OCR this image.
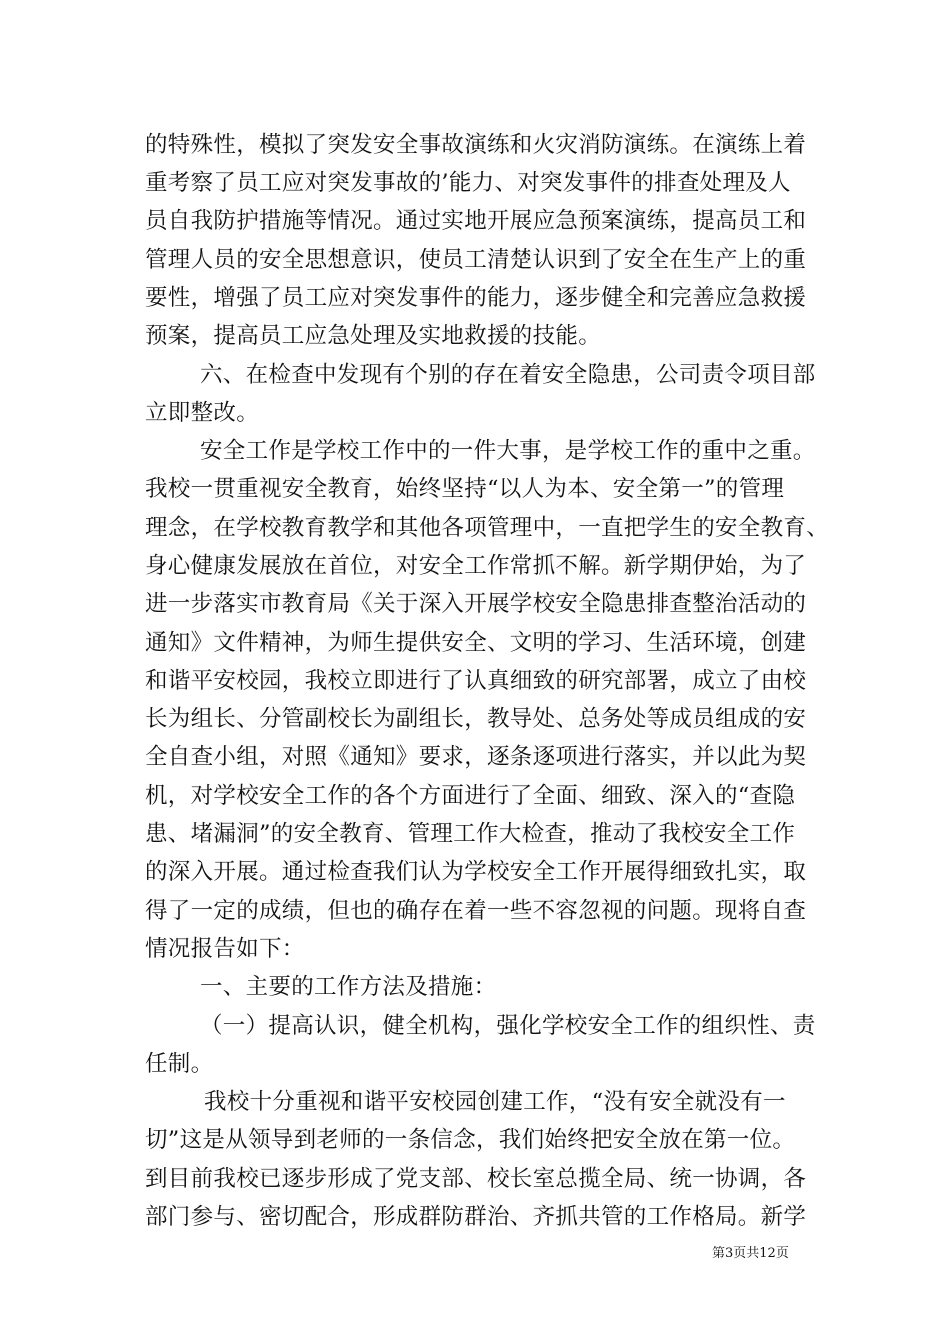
的特殊性，模拟了突发安全事故演练和火灾消防演练。在演练上着
重考察了员工应对突发事故的’能力、对突发事件的排查处理及人
员自我防护措施等情况。通过实地开展应急预案演练，提高员工和
管理人员的安全思想意识，使员工清楚认识到了安全在生产上的重
要性，增强了员工应对突发事件的能力，逐步健全和完善应急救援
预案，提高员工应急处理及实地救援的技能。
六、在检查中发现有个别的存在着安全隐患，公司责令项目部
立即整改。
安全工作是学校工作中的一件大事，是学校工作的重中之重。
我校一贯重视安全教育，始终坚持“以人为本、安全第一”的管理
理念，在学校教育教学和其他各项管理中，一直把学生的安全教育、
身心健康发展放在首位，对安全工作常抓不解。新学期伊始，为了
进一步落实市教育局《关于深入开展学校安全隐患排查整治活动的
通知》文件精神，为师生提供安全、文明的学习、生活环境，创建
和谐平安校园，我校立即进行了认真细致的研究部署，成立了由校
长为组长、分管副校长为副组长，教导处、总务处等成员组成的安
全自查小组，对照《通知》要求，逐条逐项进行落实，并以此为契
机，对学校安全工作的各个方面进行了全面、细致、深入的“查隐
患、堵漏洞”的安全教育、管理工作大检查，推动了我校安全工作
的深入开展。通过检查我们认为学校安全工作开展得细致扎实，取
得了一定的成绩，但也的确存在着一些不容忽视的问题。现将自查
情况报告如下：
一、主要的工作方法及措施：
（一）提高认识，健全机构，强化学校安全工作的组织性、责
任制。
我校十分重视和谐平安校园创建工作，“没有安全就没有一
切”这是从领导到老师的一条信念，我们始终把安全放在第一位。
到目前我校已逐步形成了党支部、校长室总揽全局、统一协调，各
部门参与、密切配合，形成群防群治、齐抓共管的工作格局。新学
第3页共12页
